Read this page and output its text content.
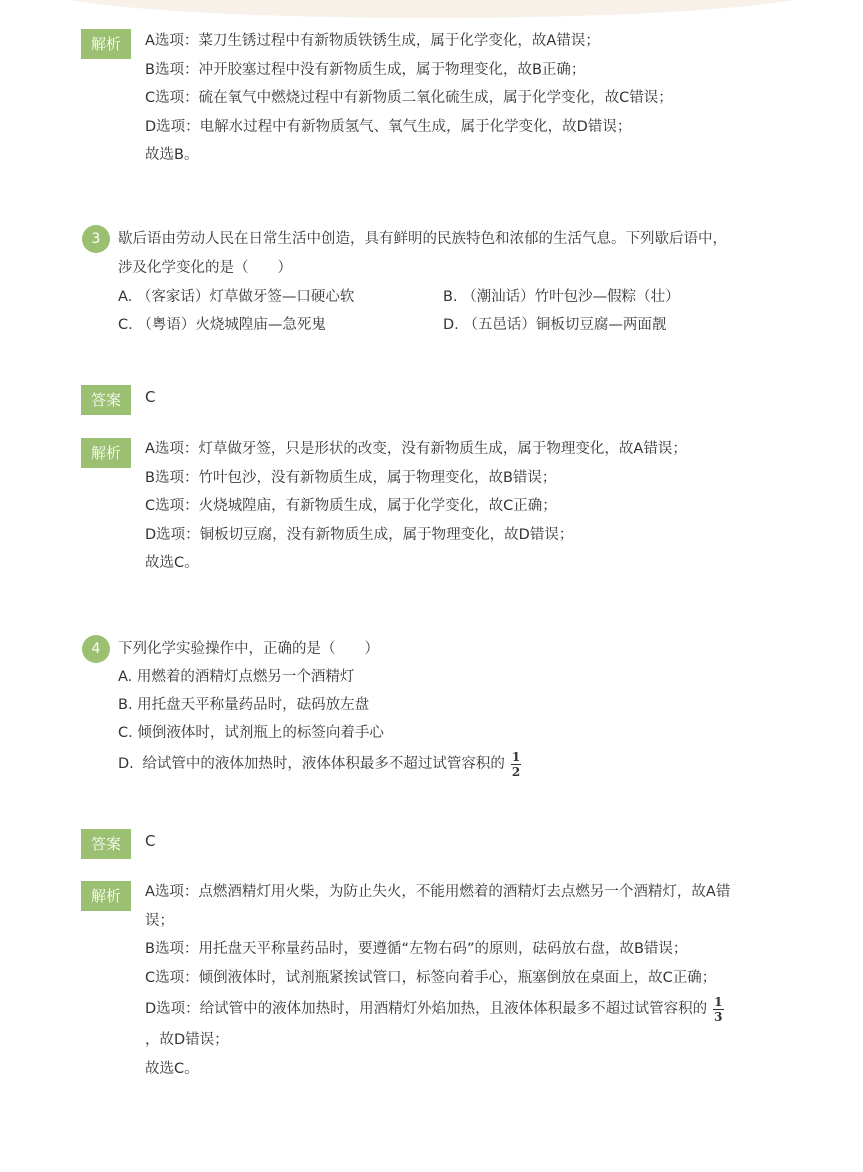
解析	A选项：菜刀生锈过程中有新物质铁锈生成，属于化学变化，故A错误；
B选项：冲开胶塞过程中没有新物质生成，属于物理变化，故B正确；
C选项：硫在氧气中燃烧过程中有新物质二氧化硫生成，属于化学变化，故C错误；
D选项：电解水过程中有新物质氢气、氧气生成，属于化学变化，故D错误；
故选B。
3	歇后语由劳动人民在日常生活中创造，具有鲜明的民族特色和浓郁的生活气息。下列歇后语中，
涉及化学变化的是（　　）
A. （客家话）灯草做牙签—口硬心软	B. （潮汕话）竹叶包沙—假粽（壮）
C. （粤语）火烧城隍庙—急死鬼	D. （五邑话）铜板切豆腐—两面靓
答案	C
解析	A选项：灯草做牙签，只是形状的改变，没有新物质生成，属于物理变化，故A错误；
B选项：竹叶包沙，没有新物质生成，属于物理变化，故B错误；
C选项：火烧城隍庙，有新物质生成，属于化学变化，故C正确；
D选项：铜板切豆腐，没有新物质生成，属于物理变化，故D错误；
故选C。
4	下列化学实验操作中，正确的是（　　）
A. 用燃着的酒精灯点燃另一个酒精灯
B. 用托盘天平称量药品时，砝码放左盘
C. 倾倒液体时，试剂瓶上的标签向着手心
D. 给试管中的液体加热时，液体体积最多不超过试管容积的 $\frac{1}{2}$
答案	C
解析	A选项：点燃酒精灯用火柴，为防止失火，不能用燃着的酒精灯去点燃另一个酒精灯，故A错
误；
B选项：用托盘天平称量药品时，要遵循“左物右码”的原则，砝码放右盘，故B错误；
C选项：倾倒液体时，试剂瓶紧挨试管口，标签向着手心，瓶塞倒放在桌面上，故C正确；
D选项：给试管中的液体加热时，用酒精灯外焰加热，且液体体积最多不超过试管容积的 $\frac{1}{3}$
，故D错误；
故选C。
